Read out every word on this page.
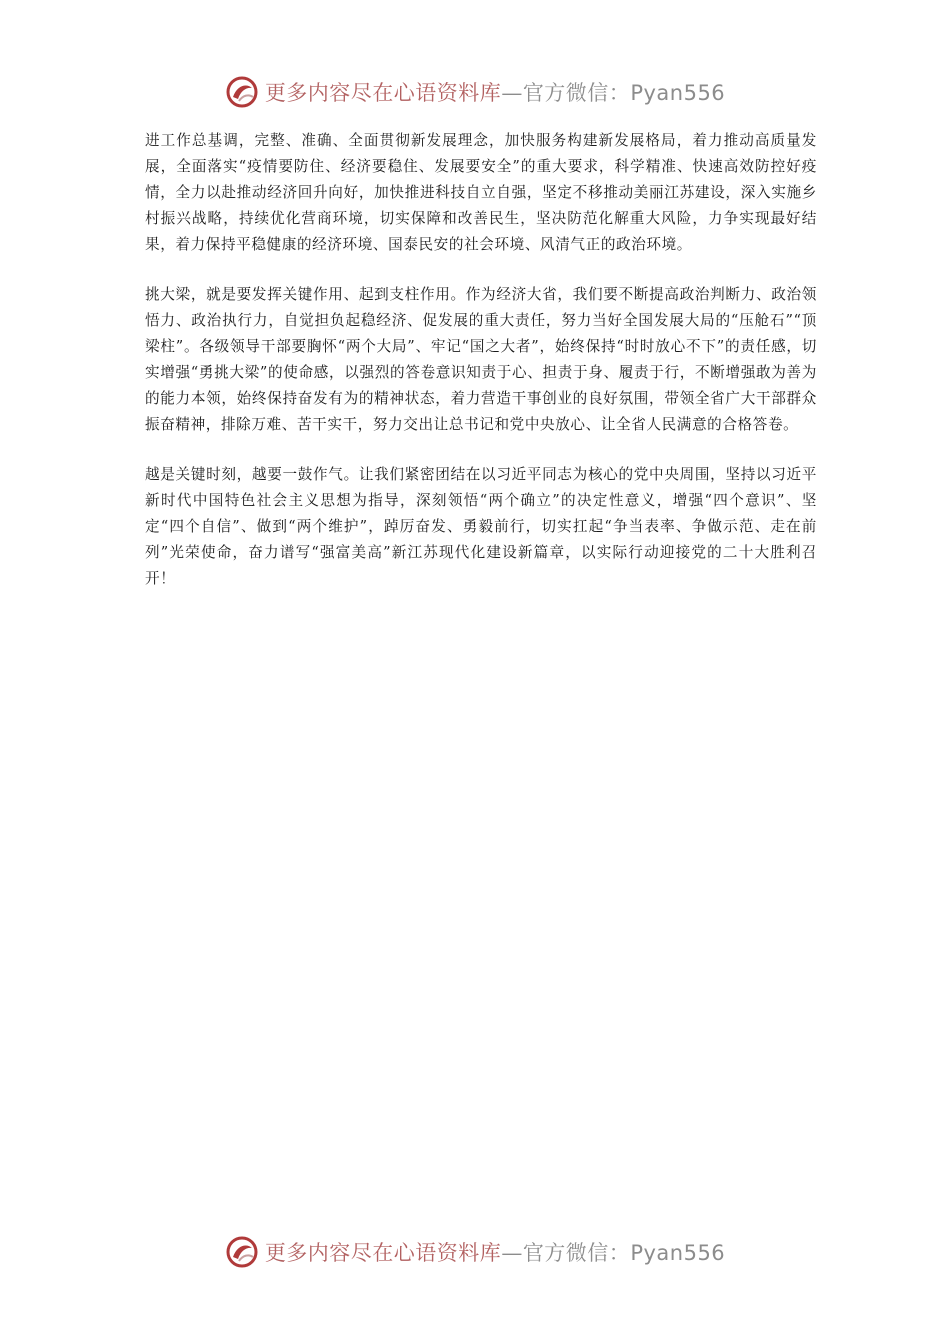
更多内容尽在心语资料库—官方微信：Pyan556

进工作总基调，完整、准确、全面贯彻新发展理念，加快服务构建新发展格局，着力推动高质量发展，全面落实“疫情要防住、经济要稳住、发展要安全”的重大要求，科学精准、快速高效防控好疫情，全力以赴推动经济回升向好，加快推进科技自立自强，坚定不移推动美丽江苏建设，深入实施乡村振兴战略，持续优化营商环境，切实保障和改善民生，坚决防范化解重大风险，力争实现最好结果，着力保持平稳健康的经济环境、国泰民安的社会环境、风清气正的政治环境。

挑大梁，就是要发挥关键作用、起到支柱作用。作为经济大省，我们要不断提高政治判断力、政治领悟力、政治执行力，自觉担负起稳经济、促发展的重大责任，努力当好全国发展大局的“压舱石”“顶梁柱”。各级领导干部要胸怀“两个大局”、牢记“国之大者”，始终保持“时时放心不下”的责任感，切实增强“勇挑大梁”的使命感，以强烈的答卷意识知责于心、担责于身、履责于行，不断增强敢为善为的能力本领，始终保持奋发有为的精神状态，着力营造干事创业的良好氛围，带领全省广大干部群众振奋精神，排除万难、苦干实干，努力交出让总书记和党中央放心、让全省人民满意的合格答卷。

越是关键时刻，越要一鼓作气。让我们紧密团结在以习近平同志为核心的党中央周围，坚持以习近平新时代中国特色社会主义思想为指导，深刻领悟“两个确立”的决定性意义，增强“四个意识”、坚定“四个自信”、做到“两个维护”，踔厉奋发、勇毅前行，切实扛起“争当表率、争做示范、走在前列”光荣使命，奋力谱写“强富美高”新江苏现代化建设新篇章，以实际行动迎接党的二十大胜利召开！

更多内容尽在心语资料库—官方微信：Pyan556
